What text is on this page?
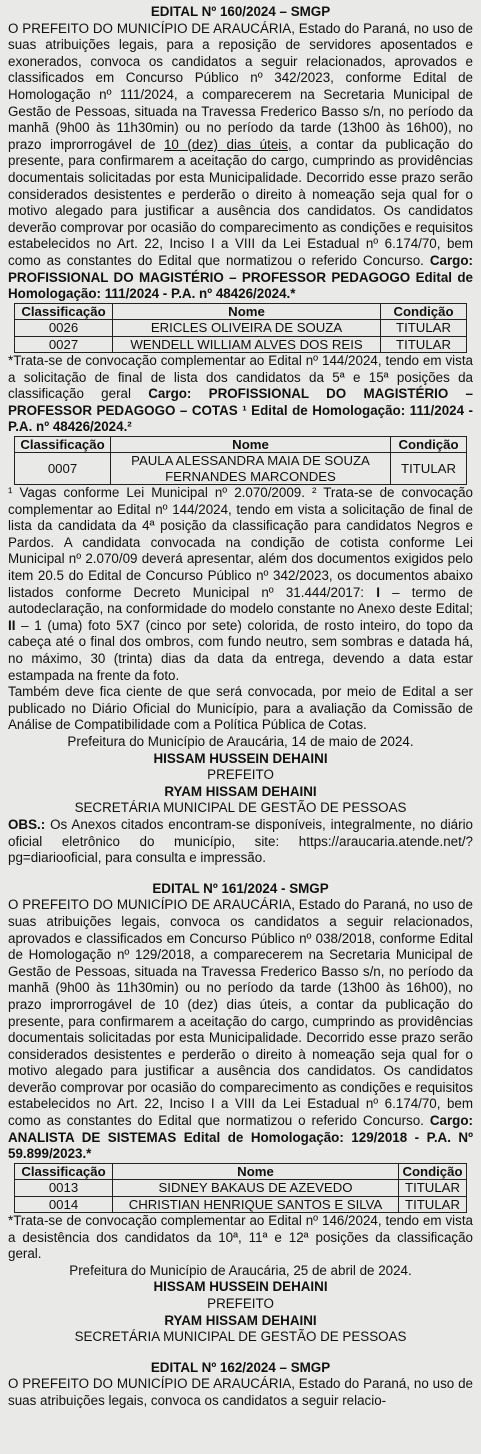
EDITAL Nº 160/2024 – SMGP

O PREFEITO DO MUNICÍPIO DE ARAUCÁRIA, Estado do Paraná, no uso de suas atribuições legais, para a reposição de servidores aposentados e exonerados, convoca os candidatos a seguir relacionados, aprovados e classificados em Concurso Público nº 342/2023, conforme Edital de Homologação nº 111/2024, a comparecerem na Secretaria Municipal de Gestão de Pessoas, situada na Travessa Frederico Basso s/n, no período da manhã (9h00 às 11h30min) ou no período da tarde (13h00 às 16h00), no prazo improrrogável de 10 (dez) dias úteis, a contar da publicação do presente, para confirmarem a aceitação do cargo, cumprindo as providências documentais solicitadas por esta Municipalidade. Decorrido esse prazo serão considerados desistentes e perderão o direito à nomeação seja qual for o motivo alegado para justificar a ausência dos candidatos. Os candidatos deverão comprovar por ocasião do comparecimento as condições e requisitos estabelecidos no Art. 22, Inciso I a VIII da Lei Estadual nº 6.174/70, bem como as constantes do Edital que normatizou o referido Concurso. Cargo: PROFISSIONAL DO MAGISTÉRIO – PROFESSOR PEDAGOGO Edital de Homologação: 111/2024 - P.A. nº 48426/2024.*

Classificação	Nome	Condição
0026	ERICLES OLIVEIRA DE SOUZA	TITULAR
0027	WENDELL WILLIAM ALVES DOS REIS	TITULAR

*Trata-se de convocação complementar ao Edital nº 144/2024, tendo em vista a solicitação de final de lista dos candidatos da 5ª e 15ª posições da classificação geral Cargo: PROFISSIONAL DO MAGISTÉRIO – PROFESSOR PEDAGOGO – COTAS ¹ Edital de Homologação: 111/2024 - P.A. nº 48426/2024.²

Classificação	Nome	Condição
0007	PAULA ALESSANDRA MAIA DE SOUZA FERNANDES MARCONDES	TITULAR

¹ Vagas conforme Lei Municipal nº 2.070/2009. ² Trata-se de convocação complementar ao Edital nº 144/2024, tendo em vista a solicitação de final de lista da candidata da 4ª posição da classificação para candidatos Negros e Pardos. A candidata convocada na condição de cotista conforme Lei Municipal nº 2.070/09 deverá apresentar, além dos documentos exigidos pelo item 20.5 do Edital de Concurso Público nº 342/2023, os documentos abaixo listados conforme Decreto Municipal nº 31.444/2017: I – termo de autodeclaração, na conformidade do modelo constante no Anexo deste Edital; II – 1 (uma) foto 5X7 (cinco por sete) colorida, de rosto inteiro, do topo da cabeça até o final dos ombros, com fundo neutro, sem sombras e datada há, no máximo, 30 (trinta) dias da data da entrega, devendo a data estar estampada na frente da foto.

Também deve fica ciente de que será convocada, por meio de Edital a ser publicado no Diário Oficial do Município, para a avaliação da Comissão de Análise de Compatibilidade com a Política Pública de Cotas.

Prefeitura do Município de Araucária, 14 de maio de 2024.

HISSAM HUSSEIN DEHAINI

PREFEITO

RYAM HISSAM DEHAINI

SECRETÁRIA MUNICIPAL DE GESTÃO DE PESSOAS

OBS.: Os Anexos citados encontram-se disponíveis, integralmente, no diário oficial eletrônico do município, site: https://araucaria.atende.net/?pg=diariooficial, para consulta e impressão.

EDITAL Nº 161/2024 - SMGP

O PREFEITO DO MUNICÍPIO DE ARAUCÁRIA, Estado do Paraná, no uso de suas atribuições legais, convoca os candidatos a seguir relacionados, aprovados e classificados em Concurso Público nº 038/2018, conforme Edital de Homologação nº 129/2018, a comparecerem na Secretaria Municipal de Gestão de Pessoas, situada na Travessa Frederico Basso s/n, no período da manhã (9h00 às 11h30min) ou no período da tarde (13h00 às 16h00), no prazo improrrogável de 10 (dez) dias úteis, a contar da publicação do presente, para confirmarem a aceitação do cargo, cumprindo as providências documentais solicitadas por esta Municipalidade. Decorrido esse prazo serão considerados desistentes e perderão o direito à nomeação seja qual for o motivo alegado para justificar a ausência dos candidatos. Os candidatos deverão comprovar por ocasião do comparecimento as condições e requisitos estabelecidos no Art. 22, Inciso I a VIII da Lei Estadual nº 6.174/70, bem como as constantes do Edital que normatizou o referido Concurso. Cargo: ANALISTA DE SISTEMAS Edital de Homologação: 129/2018 - P.A. Nº 59.899/2023.*

Classificação	Nome	Condição
0013	SIDNEY BAKAUS DE AZEVEDO	TITULAR
0014	CHRISTIAN HENRIQUE SANTOS E SILVA	TITULAR

*Trata-se de convocação complementar ao Edital nº 146/2024, tendo em vista a desistência dos candidatos da 10ª, 11ª e 12ª posições da classificação geral.

Prefeitura do Município de Araucária, 25 de abril de 2024.

HISSAM HUSSEIN DEHAINI

PREFEITO

RYAM HISSAM DEHAINI

SECRETÁRIA MUNICIPAL DE GESTÃO DE PESSOAS

EDITAL Nº 162/2024 – SMGP

O PREFEITO DO MUNICÍPIO DE ARAUCÁRIA, Estado do Paraná, no uso de suas atribuições legais, convoca os candidatos a seguir relacio-
